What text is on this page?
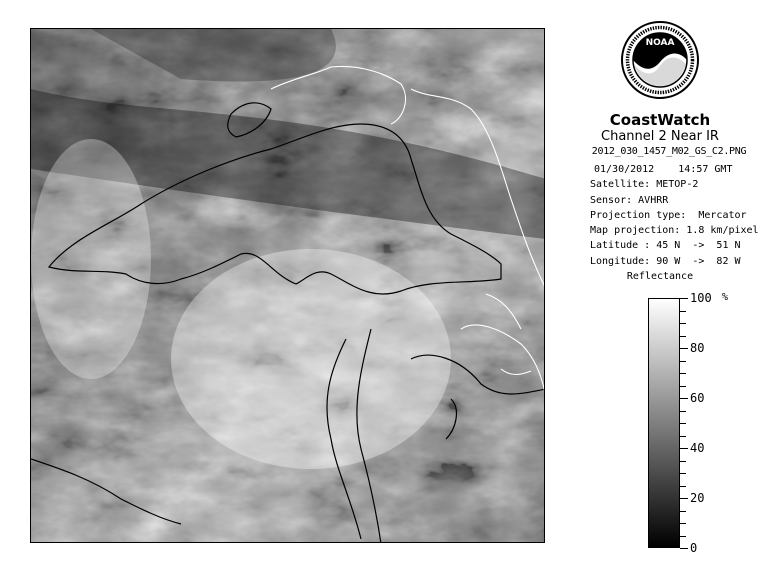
NOAA
CoastWatch
Channel 2 Near IR
2012_030_1457_M02_GS_C2.PNG
01/30/2012    14:57 GMT
Satellite: METOP-2
Sensor: AVHRR
Projection type:  Mercator
Map projection: 1.8 km/pixel
Latitude : 45 N  ->  51 N
Longitude: 90 W  ->  82 W
Reflectance
%
100
80
60
40
20
0
